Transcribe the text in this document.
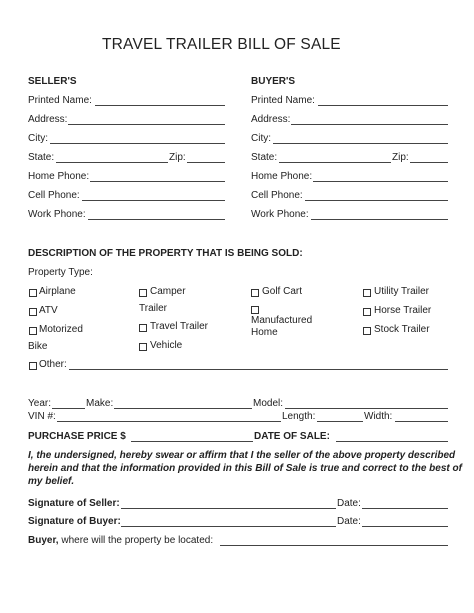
TRAVEL TRAILER BILL OF SALE
SELLER'S
Printed Name:
Address:
City:
State:	Zip:
Home Phone:
Cell Phone:
Work Phone:
BUYER'S
Printed Name:
Address:
City:
State:	Zip:
Home Phone:
Cell Phone:
Work Phone:
DESCRIPTION OF THE PROPERTY THAT IS BEING SOLD:
Property Type:
Airplane
ATV
Motorized
Bike
Camper
Trailer
Travel Trailer
Vehicle
Golf Cart
Manufactured
Home
Utility Trailer
Horse Trailer
Stock Trailer
Other:
Year:	Make:	Model:
VIN #:	Length:	Width:
PURCHASE PRICE $	DATE OF SALE:
I, the undersigned, hereby swear or affirm that I the seller of the above property described
herein and that the information provided in this Bill of Sale is true and correct to the best of
my belief.
Signature of Seller:	Date:
Signature of Buyer:	Date:
Buyer, where will the property be located:
